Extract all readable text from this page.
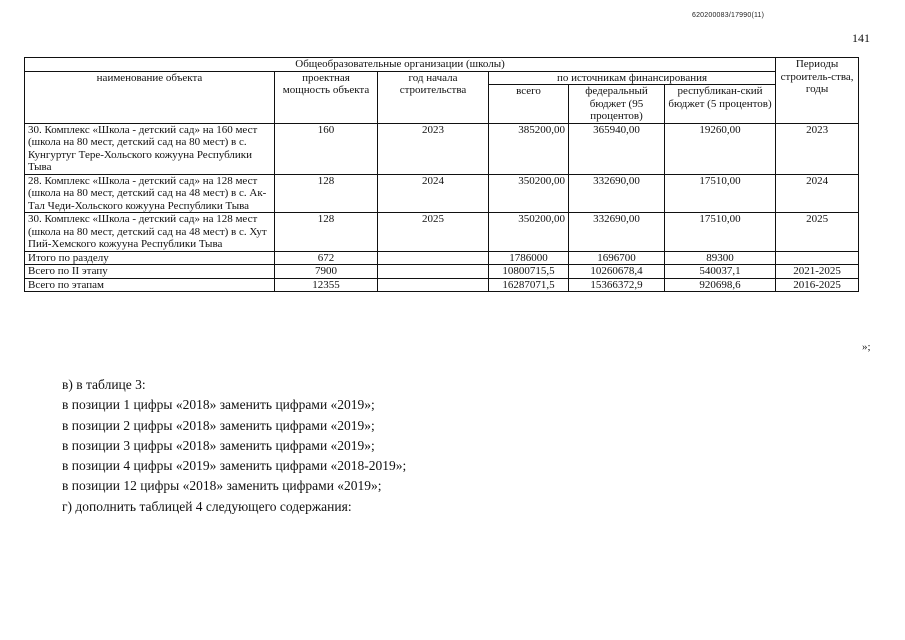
620200083/17990(11)
141
Общеобразовательные организации (школы)						Периоды строитель-ства, годы
наименование объекта	проектная мощность объекта	год начала строительства	по источникам финансирования			
			всего	федеральный бюджет (95 процентов)	республикан-ский бюджет (5 процентов)	
30. Комплекс «Школа - детский сад» на 160 мест (школа на 80 мест, детский сад на 80 мест) в с. Кунгуртуг Тере-Хольского кожууна Республики Тыва	160	2023	385200,00	365940,00	19260,00	2023
28. Комплекс «Школа - детский сад» на 128 мест (школа на 80 мест, детский сад на 48 мест) в с. Ак-Тал Чеди-Хольского кожууна Республики Тыва	128	2024	350200,00	332690,00	17510,00	2024
30. Комплекс «Школа - детский сад» на 128 мест (школа на 80 мест, детский сад на 48 мест) в с. Хут Пий-Хемского кожууна Республики Тыва	128	2025	350200,00	332690,00	17510,00	2025
Итого по разделу	672		1786000	1696700	89300	
Всего по II этапу	7900		10800715,5	10260678,4	540037,1	2021-2025
Всего по этапам	12355		16287071,5	15366372,9	920698,6	2016-2025
»;
в) в таблице 3:
в позиции 1 цифры «2018» заменить цифрами «2019»;
в позиции 2 цифры «2018» заменить цифрами «2019»;
в позиции 3 цифры «2018» заменить цифрами «2019»;
в позиции 4 цифры «2019» заменить цифрами «2018-2019»;
в позиции 12 цифры «2018» заменить цифрами «2019»;
г) дополнить таблицей 4 следующего содержания:
